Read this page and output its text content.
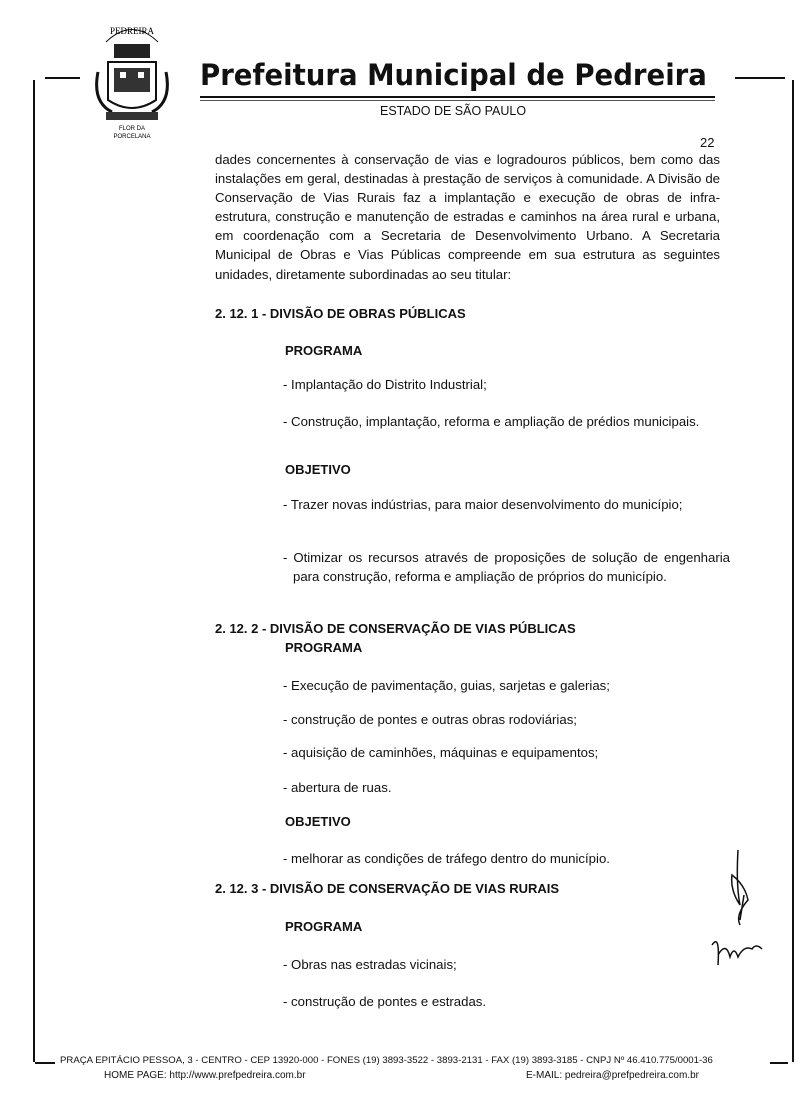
PEDREIRA
FLOR DA
PORCELANA
Prefeitura Municipal de Pedreira
ESTADO DE SÃO PAULO
22
dades concernentes à conservação de vias e logradouros públicos, bem como das instalações em geral, destinadas à prestação de serviços à comunidade. A Divisão de Conservação de Vias Rurais faz a implantação e execução de obras de infra-estrutura, construção e manutenção de estradas e caminhos na área rural e urbana, em coordenação com a Secretaria de Desenvolvimento Urbano. A Secretaria Municipal de Obras e Vias Públicas compreende em sua estrutura as seguintes unidades, diretamente subordinadas ao seu titular:
2. 12. 1 - DIVISÃO DE OBRAS PÚBLICAS
PROGRAMA
- Implantação do Distrito Industrial;
- Construção, implantação, reforma e ampliação de prédios municipais.
OBJETIVO
- Trazer novas indústrias, para maior desenvolvimento do município;
- Otimizar os recursos através de proposições de solução de engenharia para construção, reforma e ampliação de próprios do município.
2. 12. 2 - DIVISÃO DE CONSERVAÇÃO DE VIAS PÚBLICAS
PROGRAMA
- Execução de pavimentação, guias, sarjetas e galerias;
- construção de pontes e outras obras rodoviárias;
- aquisição de caminhões, máquinas e equipamentos;
- abertura de ruas.
OBJETIVO
- melhorar as condições de tráfego dentro do município.
2. 12. 3 - DIVISÃO DE CONSERVAÇÃO DE VIAS RURAIS
PROGRAMA
- Obras nas estradas vicinais;
- construção de pontes e estradas.
PRAÇA EPITÁCIO PESSOA, 3 - CENTRO - CEP 13920-000 - FONES (19) 3893-3522 - 3893-2131 - FAX (19) 3893-3185 - CNPJ Nº 46.410.775/0001-36
HOME PAGE: http://www.prefpedreira.com.br	E-MAIL: pedreira@prefpedreira.com.br
